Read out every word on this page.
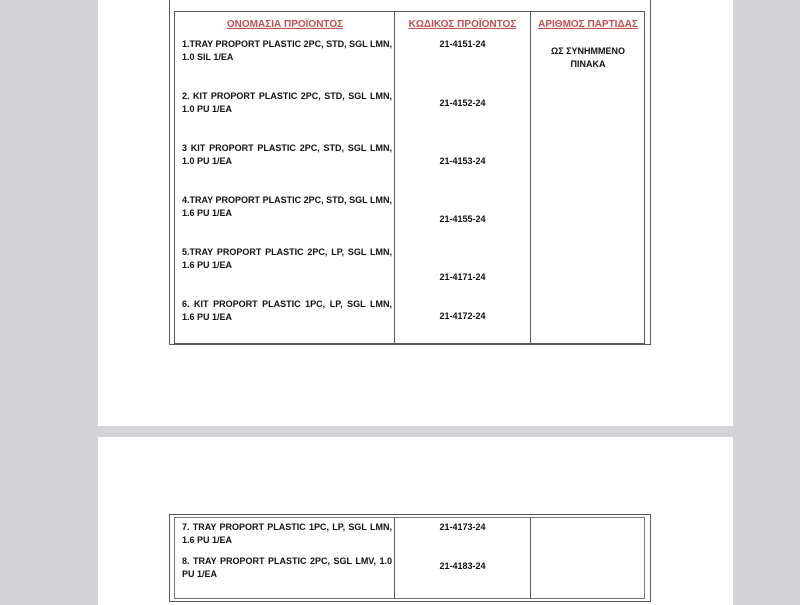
ΟΝΟΜΑΣΙΑ ΠΡΟΪΟΝΤΟΣ	ΚΩΔΙΚΟΣ ΠΡΟΪΟΝΤΟΣ	ΑΡΙΘΜΟΣ ΠΑΡΤΙΔΑΣ
1.TRAY PROPORT PLASTIC 2PC, STD, SGL LMN, 1.0 SIL 1/EA
2. KIT PROPORT PLASTIC 2PC, STD, SGL LMN, 1.0 PU 1/EA
3 KIT PROPORT PLASTIC 2PC, STD, SGL LMN, 1.0 PU 1/EA
4.TRAY PROPORT PLASTIC 2PC, STD, SGL LMN, 1.6 PU 1/EA
5.TRAY PROPORT PLASTIC 2PC, LP, SGL LMN, 1.6 PU 1/EA
6. KIT PROPORT PLASTIC 1PC, LP, SGL LMN, 1.6 PU 1/EA
21-4151-24
21-4152-24
21-4153-24
21-4155-24
21-4171-24
21-4172-24
ΩΣ ΣΥΝΗΜΜΕΝΟ ΠΙΝΑΚΑ
7. TRAY PROPORT PLASTIC 1PC, LP, SGL LMN, 1.6 PU 1/EA
8. TRAY PROPORT PLASTIC 2PC, SGL LMV, 1.0 PU 1/EA
21-4173-24
21-4183-24
